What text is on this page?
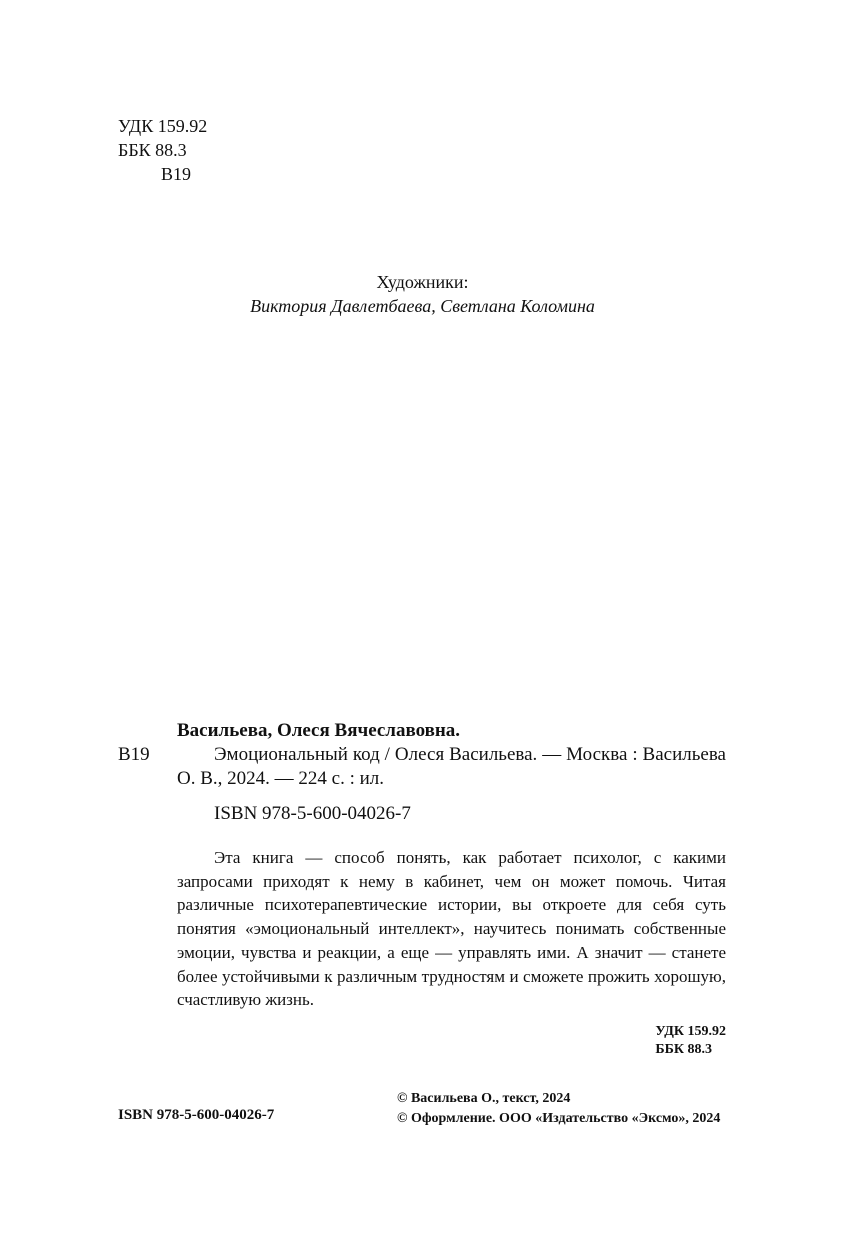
УДК 159.92
ББК 88.3
В19
Художники:
Виктория Давлетбаева, Светлана Коломина
Васильева, Олеся Вячеславовна.
В19	Эмоциональный код / Олеся Васильева. — Москва : Васильева О. В., 2024. — 224 с. : ил.

ISBN 978-5-600-04026-7

Эта книга — способ понять, как работает психолог, с какими запросами приходят к нему в кабинет, чем он может помочь. Читая различные психотерапевтические истории, вы откроете для себя суть понятия «эмоциональный интеллект», научитесь понимать собственные эмоции, чувства и реакции, а еще — управлять ими. А значит — станете более устойчивыми к различным трудностям и сможете прожить хорошую, счастливую жизнь.

УДК 159.92
ББК 88.3
© Васильева О., текст, 2024
© Оформление. ООО «Издательство «Эксмо», 2024
ISBN 978-5-600-04026-7
